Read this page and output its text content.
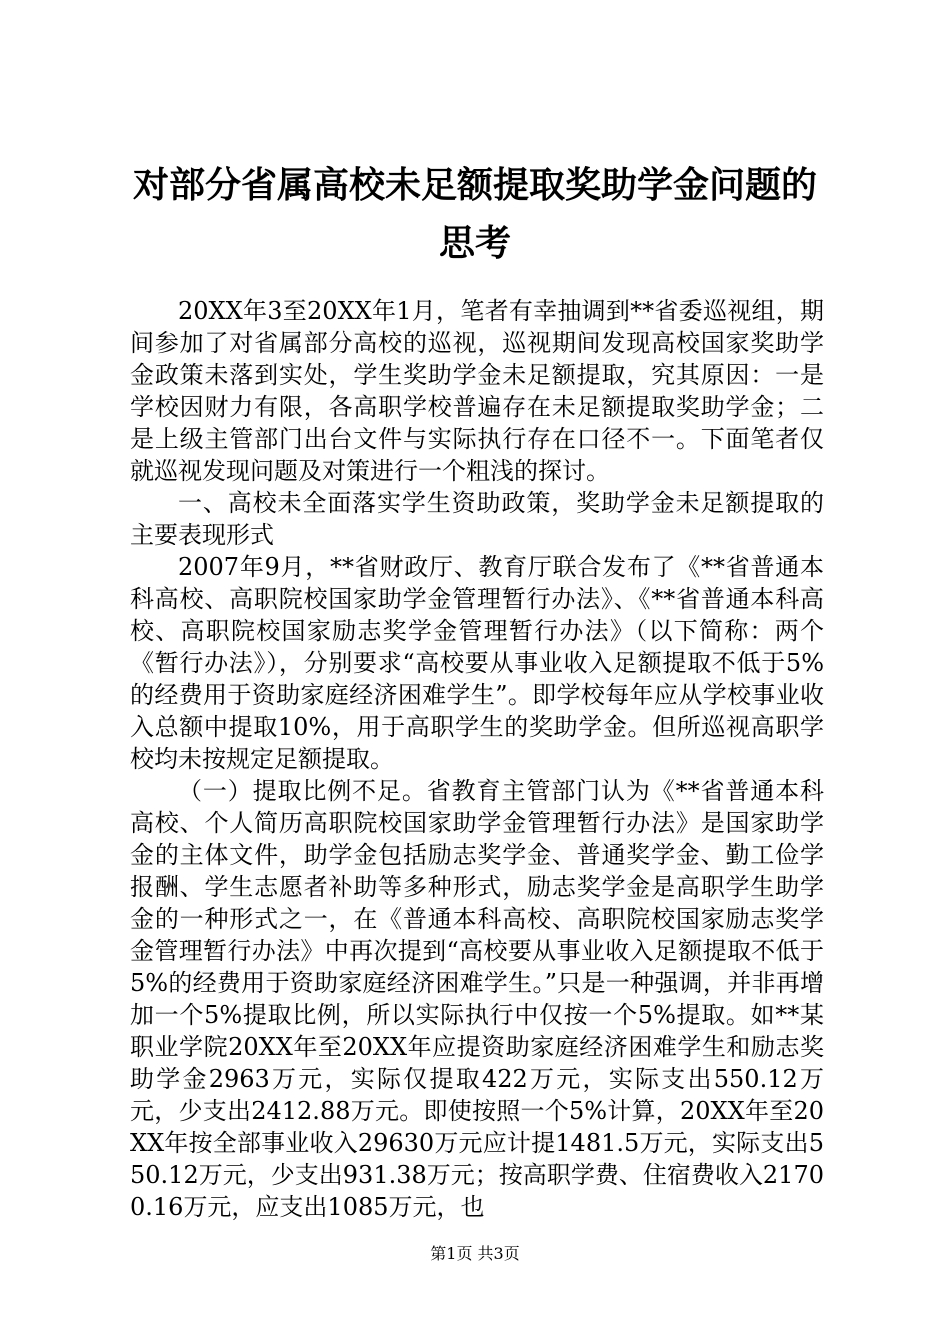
对部分省属高校未足额提取奖助学金问题的思考

20XX年3至20XX年1月，笔者有幸抽调到**省委巡视组，期间参加了对省属部分高校的巡视，巡视期间发现高校国家奖助学金政策未落到实处，学生奖助学金未足额提取，究其原因：一是学校因财力有限，各高职学校普遍存在未足额提取奖助学金；二是上级主管部门出台文件与实际执行存在口径不一。下面笔者仅就巡视发现问题及对策进行一个粗浅的探讨。

一、高校未全面落实学生资助政策，奖助学金未足额提取的主要表现形式

2007年9月，**省财政厅、教育厅联合发布了《**省普通本科高校、高职院校国家助学金管理暂行办法》、《**省普通本科高校、高职院校国家励志奖学金管理暂行办法》（以下简称：两个《暂行办法》），分别要求“高校要从事业收入足额提取不低于5%的经费用于资助家庭经济困难学生”。即学校每年应从学校事业收入总额中提取10%，用于高职学生的奖助学金。但所巡视高职学校均未按规定足额提取。

（一）提取比例不足。省教育主管部门认为《**省普通本科高校、个人简历高职院校国家助学金管理暂行办法》是国家助学金的主体文件，助学金包括励志奖学金、普通奖学金、勤工俭学报酬、学生志愿者补助等多种形式，励志奖学金是高职学生助学金的一种形式之一，在《普通本科高校、高职院校国家励志奖学金管理暂行办法》中再次提到“高校要从事业收入足额提取不低于5%的经费用于资助家庭经济困难学生。”只是一种强调，并非再增加一个5%提取比例，所以实际执行中仅按一个5%提取。如**某职业学院20XX年至20XX年应提资助家庭经济困难学生和励志奖助学金2963万元，实际仅提取422万元，实际支出550.12万元，少支出2412.88万元。即使按照一个5%计算，20XX年至20XX年按全部事业收入29630万元应计提1481.5万元，实际支出550.12万元，少支出931.38万元；按高职学费、住宿费收入21700.16万元，应支出1085万元，也

第1页 共3页
